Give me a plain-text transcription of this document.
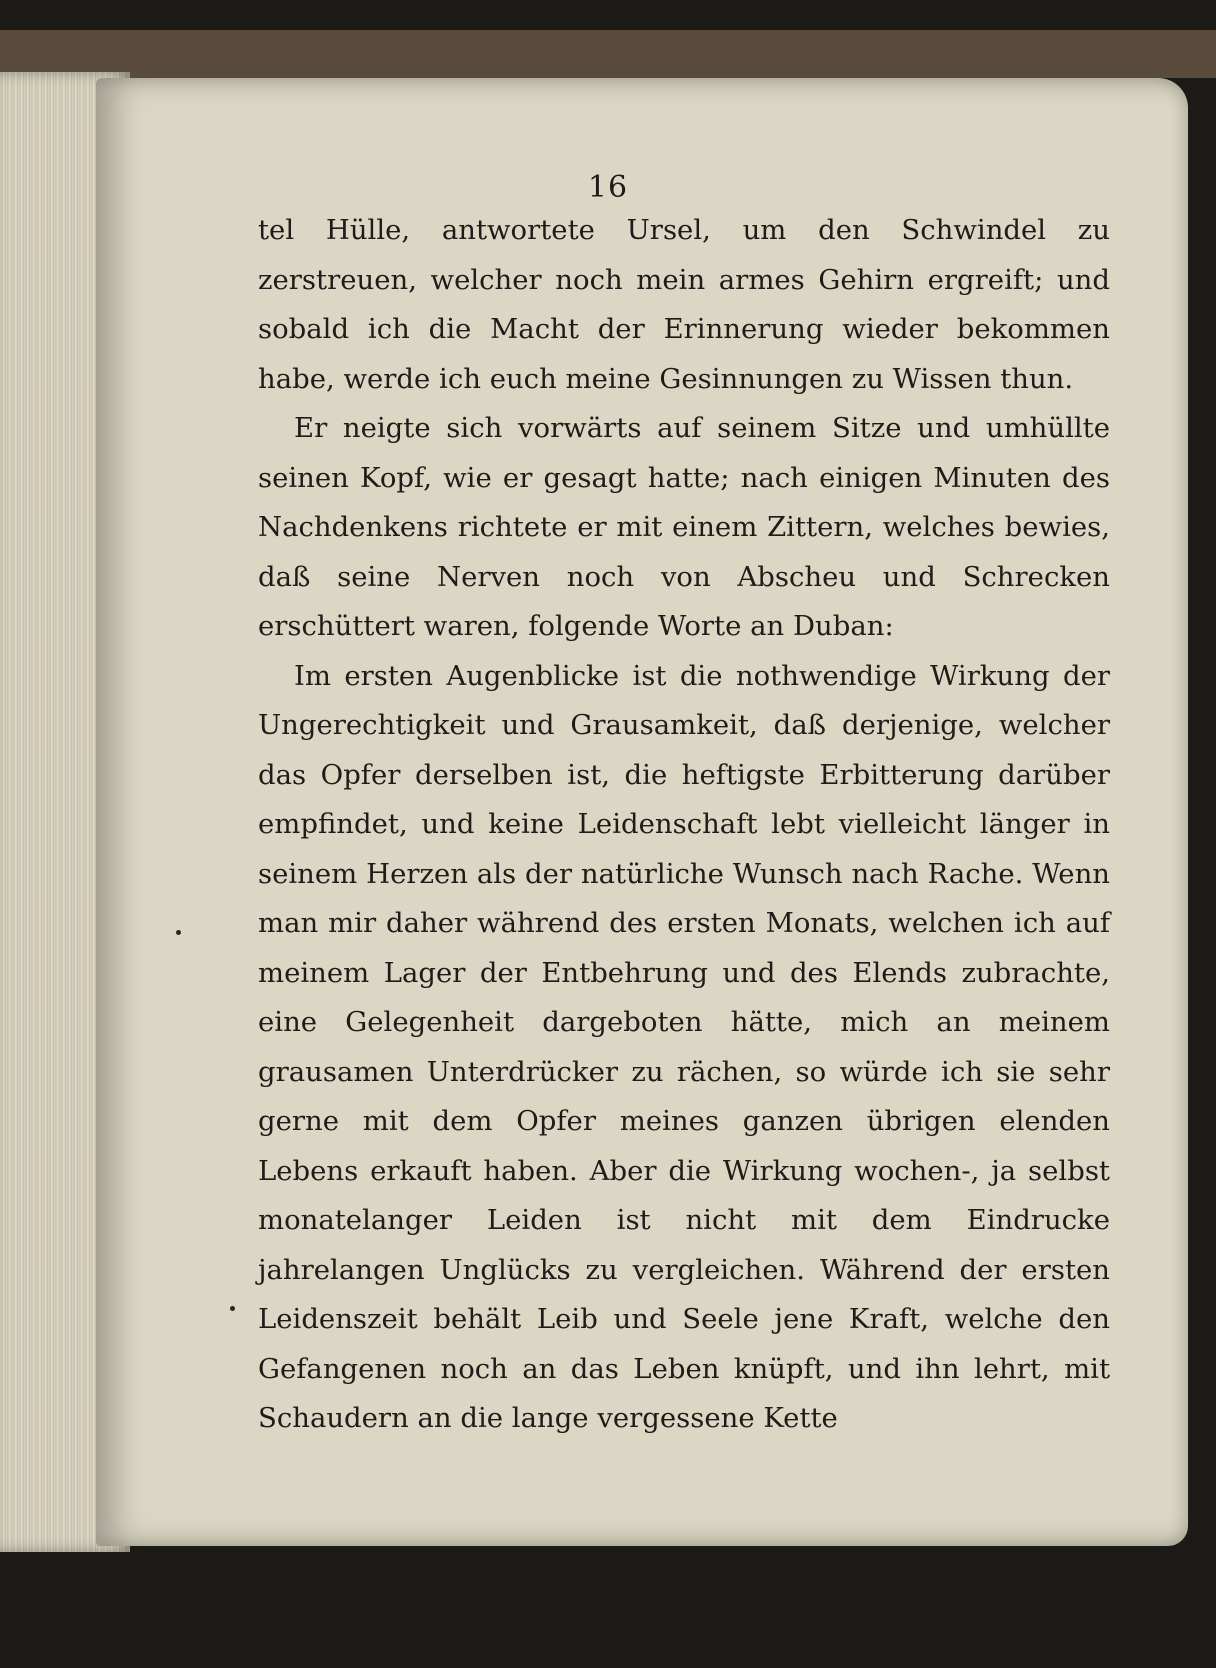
16

tel Hülle, antwortete Ursel, um den Schwindel zu zerstreuen, welcher noch mein armes Gehirn ergreift; und sobald ich die Macht der Erinnerung wieder bekommen habe, werde ich euch meine Gesinnungen zu Wissen thun.

Er neigte sich vorwärts auf seinem Sitze und umhüllte seinen Kopf, wie er gesagt hatte; nach einigen Minuten des Nachdenkens richtete er mit einem Zittern, welches bewies, daß seine Nerven noch von Abscheu und Schrecken erschüttert waren, folgende Worte an Duban:

Im ersten Augenblicke ist die nothwendige Wirkung der Ungerechtigkeit und Grausamkeit, daß derjenige, welcher das Opfer derselben ist, die heftigste Erbitterung darüber empfindet, und keine Leidenschaft lebt vielleicht länger in seinem Herzen als der natürliche Wunsch nach Rache. Wenn man mir daher während des ersten Monats, welchen ich auf meinem Lager der Entbehrung und des Elends zubrachte, eine Gelegenheit dargeboten hätte, mich an meinem grausamen Unterdrücker zu rächen, so würde ich sie sehr gerne mit dem Opfer meines ganzen übrigen elenden Lebens erkauft haben. Aber die Wirkung wochen-, ja selbst monatelanger Leiden ist nicht mit dem Eindrucke jahrelangen Unglücks zu vergleichen. Während der ersten Leidenszeit behält Leib und Seele jene Kraft, welche den Gefangenen noch an das Leben knüpft, und ihn lehrt, mit Schaudern an die lange vergessene Kette
